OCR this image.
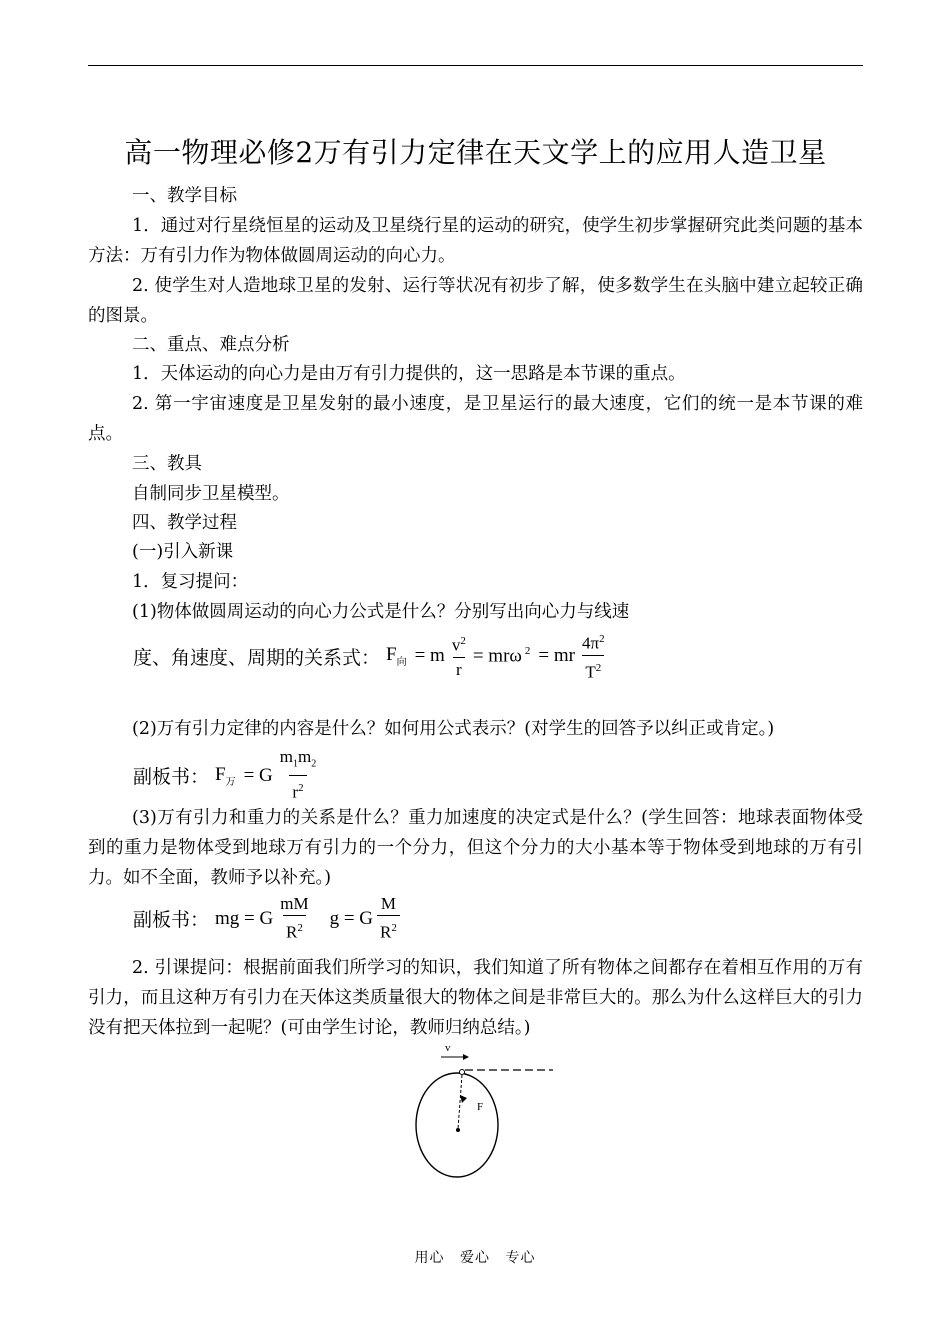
高一物理必修2万有引力定律在天文学上的应用人造卫星

一、教学目标

1．通过对行星绕恒星的运动及卫星绕行星的运动的研究，使学生初步掌握研究此类问题的基本方法：万有引力作为物体做圆周运动的向心力。

2. 使学生对人造地球卫星的发射、运行等状况有初步了解，使多数学生在头脑中建立起较正确的图景。

二、重点、难点分析

1．天体运动的向心力是由万有引力提供的，这一思路是本节课的重点。

2. 第一宇宙速度是卫星发射的最小速度，是卫星运行的最大速度，它们的统一是本节课的难点。

三、教具

自制同步卫星模型。

四、教学过程

(一)引入新课

1．复习提问：

(1)物体做圆周运动的向心力公式是什么？分别写出向心力与线速

度、角速度、周期的关系式： $F_向 = m \frac{v^2}{r} = mr\omega$ $^2$ = mr $\frac{4\pi^2}{T^2}$

(2)万有引力定律的内容是什么？如何用公式表示？(对学生的回答予以纠正或肯定。)

副板书： $F_万 = G \frac{m_1m_2}{r^2}$

(3)万有引力和重力的关系是什么？重力加速度的决定式是什么？(学生回答：地球表面物体受到的重力是物体受到地球万有引力的一个分力，但这个分力的大小基本等于物体受到地球的万有引力。如不全面，教师予以补充。)

副板书： mg = G $\frac{mM}{R^2}$ g = G $\frac{M}{R^2}$

2. 引课提问：根据前面我们所学习的知识，我们知道了所有物体之间都存在着相互作用的万有引力，而且这种万有引力在天体这类质量很大的物体之间是非常巨大的。那么为什么这样巨大的引力没有把天体拉到一起呢？(可由学生讨论，教师归纳总结。)

v
F
用心 爱心 专心
